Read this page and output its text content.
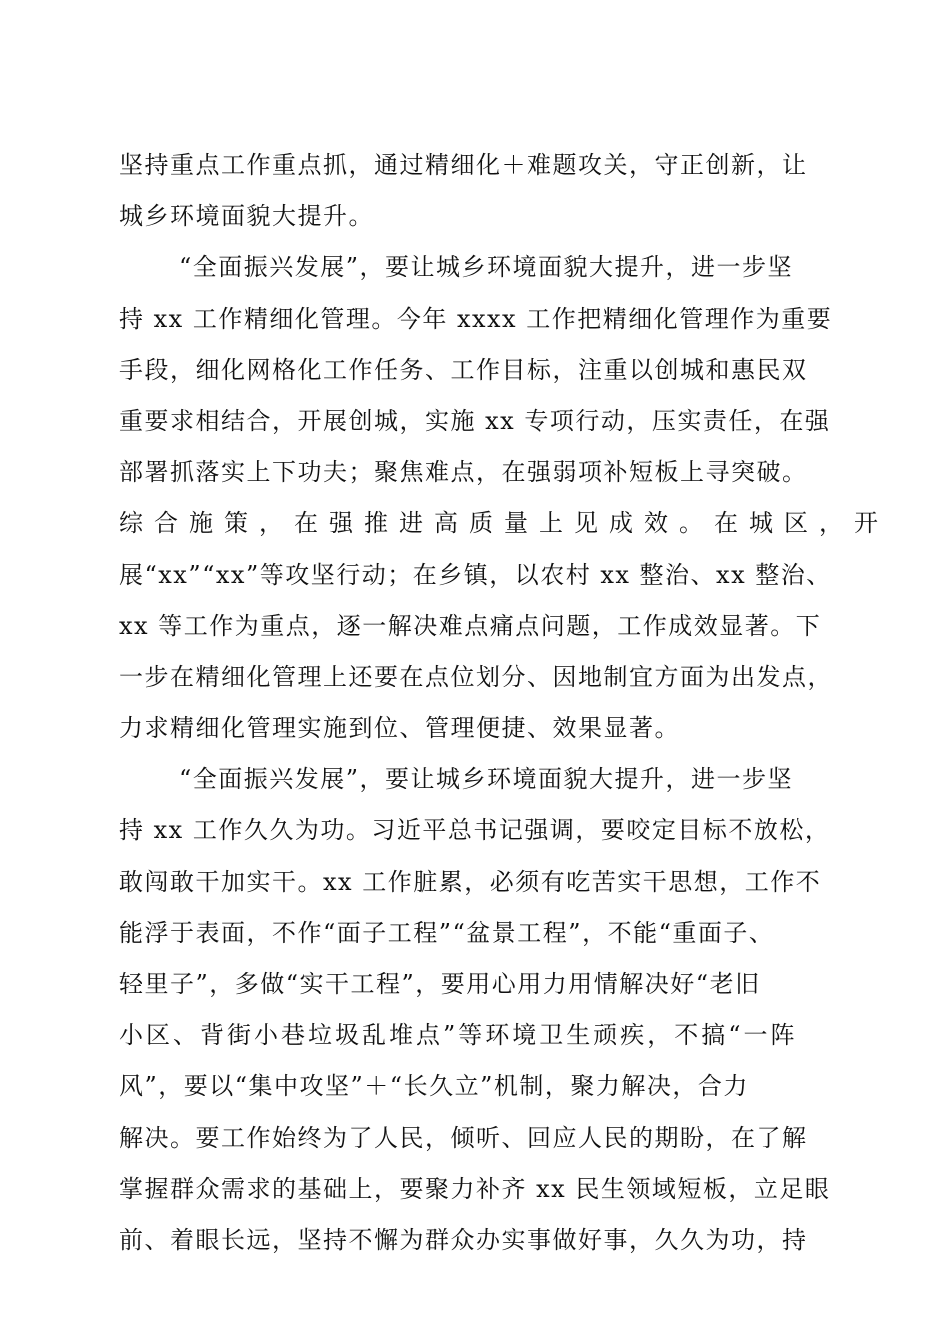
坚持重点工作重点抓，通过精细化＋难题攻关，守正创新，让
城乡环境面貌大提升。
“全面振兴发展”，要让城乡环境面貌大提升，进一步坚
持 xx 工作精细化管理。今年 xxxx 工作把精细化管理作为重要
手段，细化网格化工作任务、工作目标，注重以创城和惠民双
重要求相结合，开展创城，实施 xx 专项行动，压实责任，在强
部署抓落实上下功夫；聚焦难点，在强弱项补短板上寻突破。
综合施策，在强推进高质量上见成效。在城区，开
展“xx”“xx”等攻坚行动；在乡镇，以农村 xx 整治、xx 整治、
xx 等工作为重点，逐一解决难点痛点问题，工作成效显著。下
一步在精细化管理上还要在点位划分、因地制宜方面为出发点，
力求精细化管理实施到位、管理便捷、效果显著。
“全面振兴发展”，要让城乡环境面貌大提升，进一步坚
持 xx 工作久久为功。习近平总书记强调，要咬定目标不放松，
敢闯敢干加实干。xx 工作脏累，必须有吃苦实干思想，工作不
能浮于表面，不作“面子工程”“盆景工程”，不能“重面子、
轻里子”，多做“实干工程”，要用心用力用情解决好“老旧
小区、背街小巷垃圾乱堆点”等环境卫生顽疾，不搞“一阵
风”，要以“集中攻坚”＋“长久立”机制，聚力解决，合力
解决。要工作始终为了人民，倾听、回应人民的期盼，在了解
掌握群众需求的基础上，要聚力补齐 xx 民生领域短板，立足眼
前、着眼长远，坚持不懈为群众办实事做好事，久久为功，持
